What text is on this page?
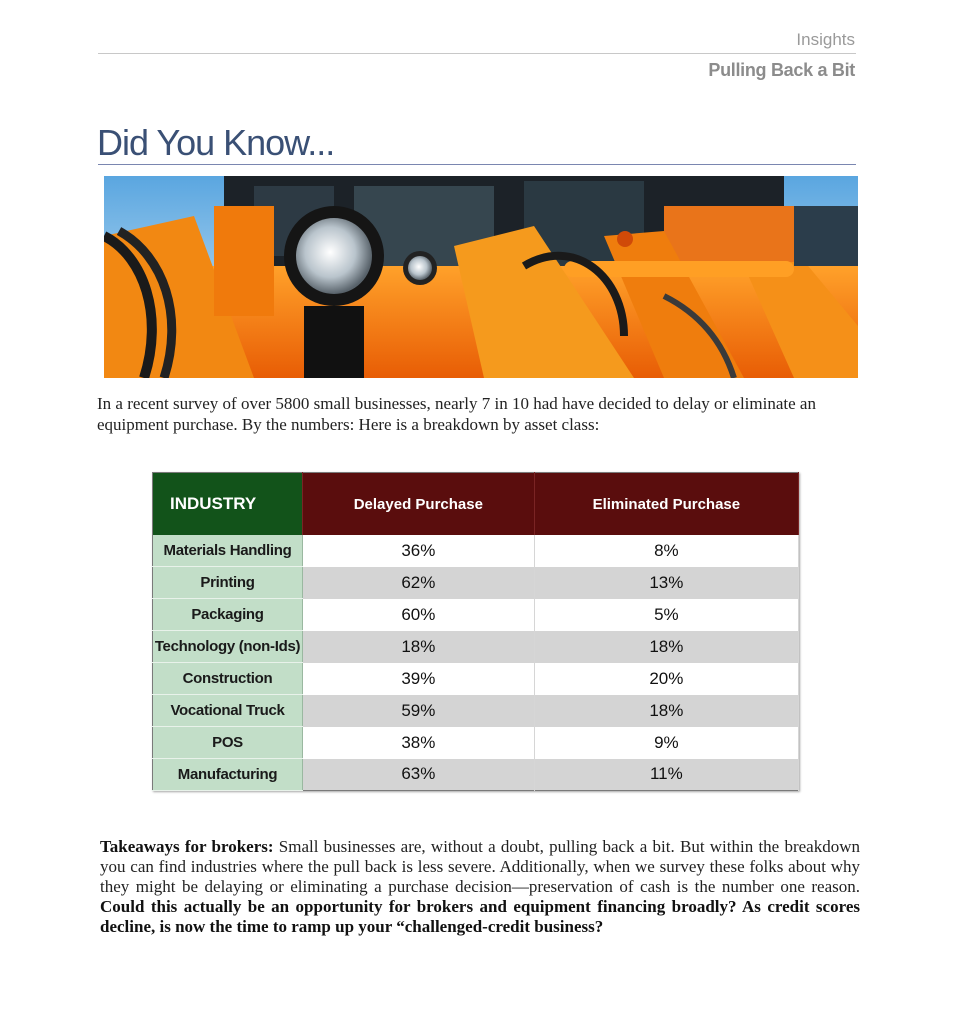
Insights
Pulling Back a Bit
Did You Know...
In a recent survey of over 5800 small businesses, nearly 7 in 10 had have decided to delay or eliminate an equipment purchase. By the numbers: Here is a breakdown by asset class:
INDUSTRY	Delayed Purchase	Eliminated Purchase
Materials Handling	36%	8%
Printing	62%	13%
Packaging	60%	5%
Technology (non-Ids)	18%	18%
Construction	39%	20%
Vocational Truck	59%	18%
POS	38%	9%
Manufacturing	63%	11%
Takeaways for brokers: Small businesses are, without a doubt, pulling back a bit. But within the breakdown you can find industries where the pull back is less severe. Additionally, when we survey these folks about why they might be delaying or eliminating a purchase decision—preservation of cash is the number one reason. Could this actually be an opportunity for brokers and equipment financing broadly? As credit scores decline, is now the time to ramp up your “challenged-credit business?
